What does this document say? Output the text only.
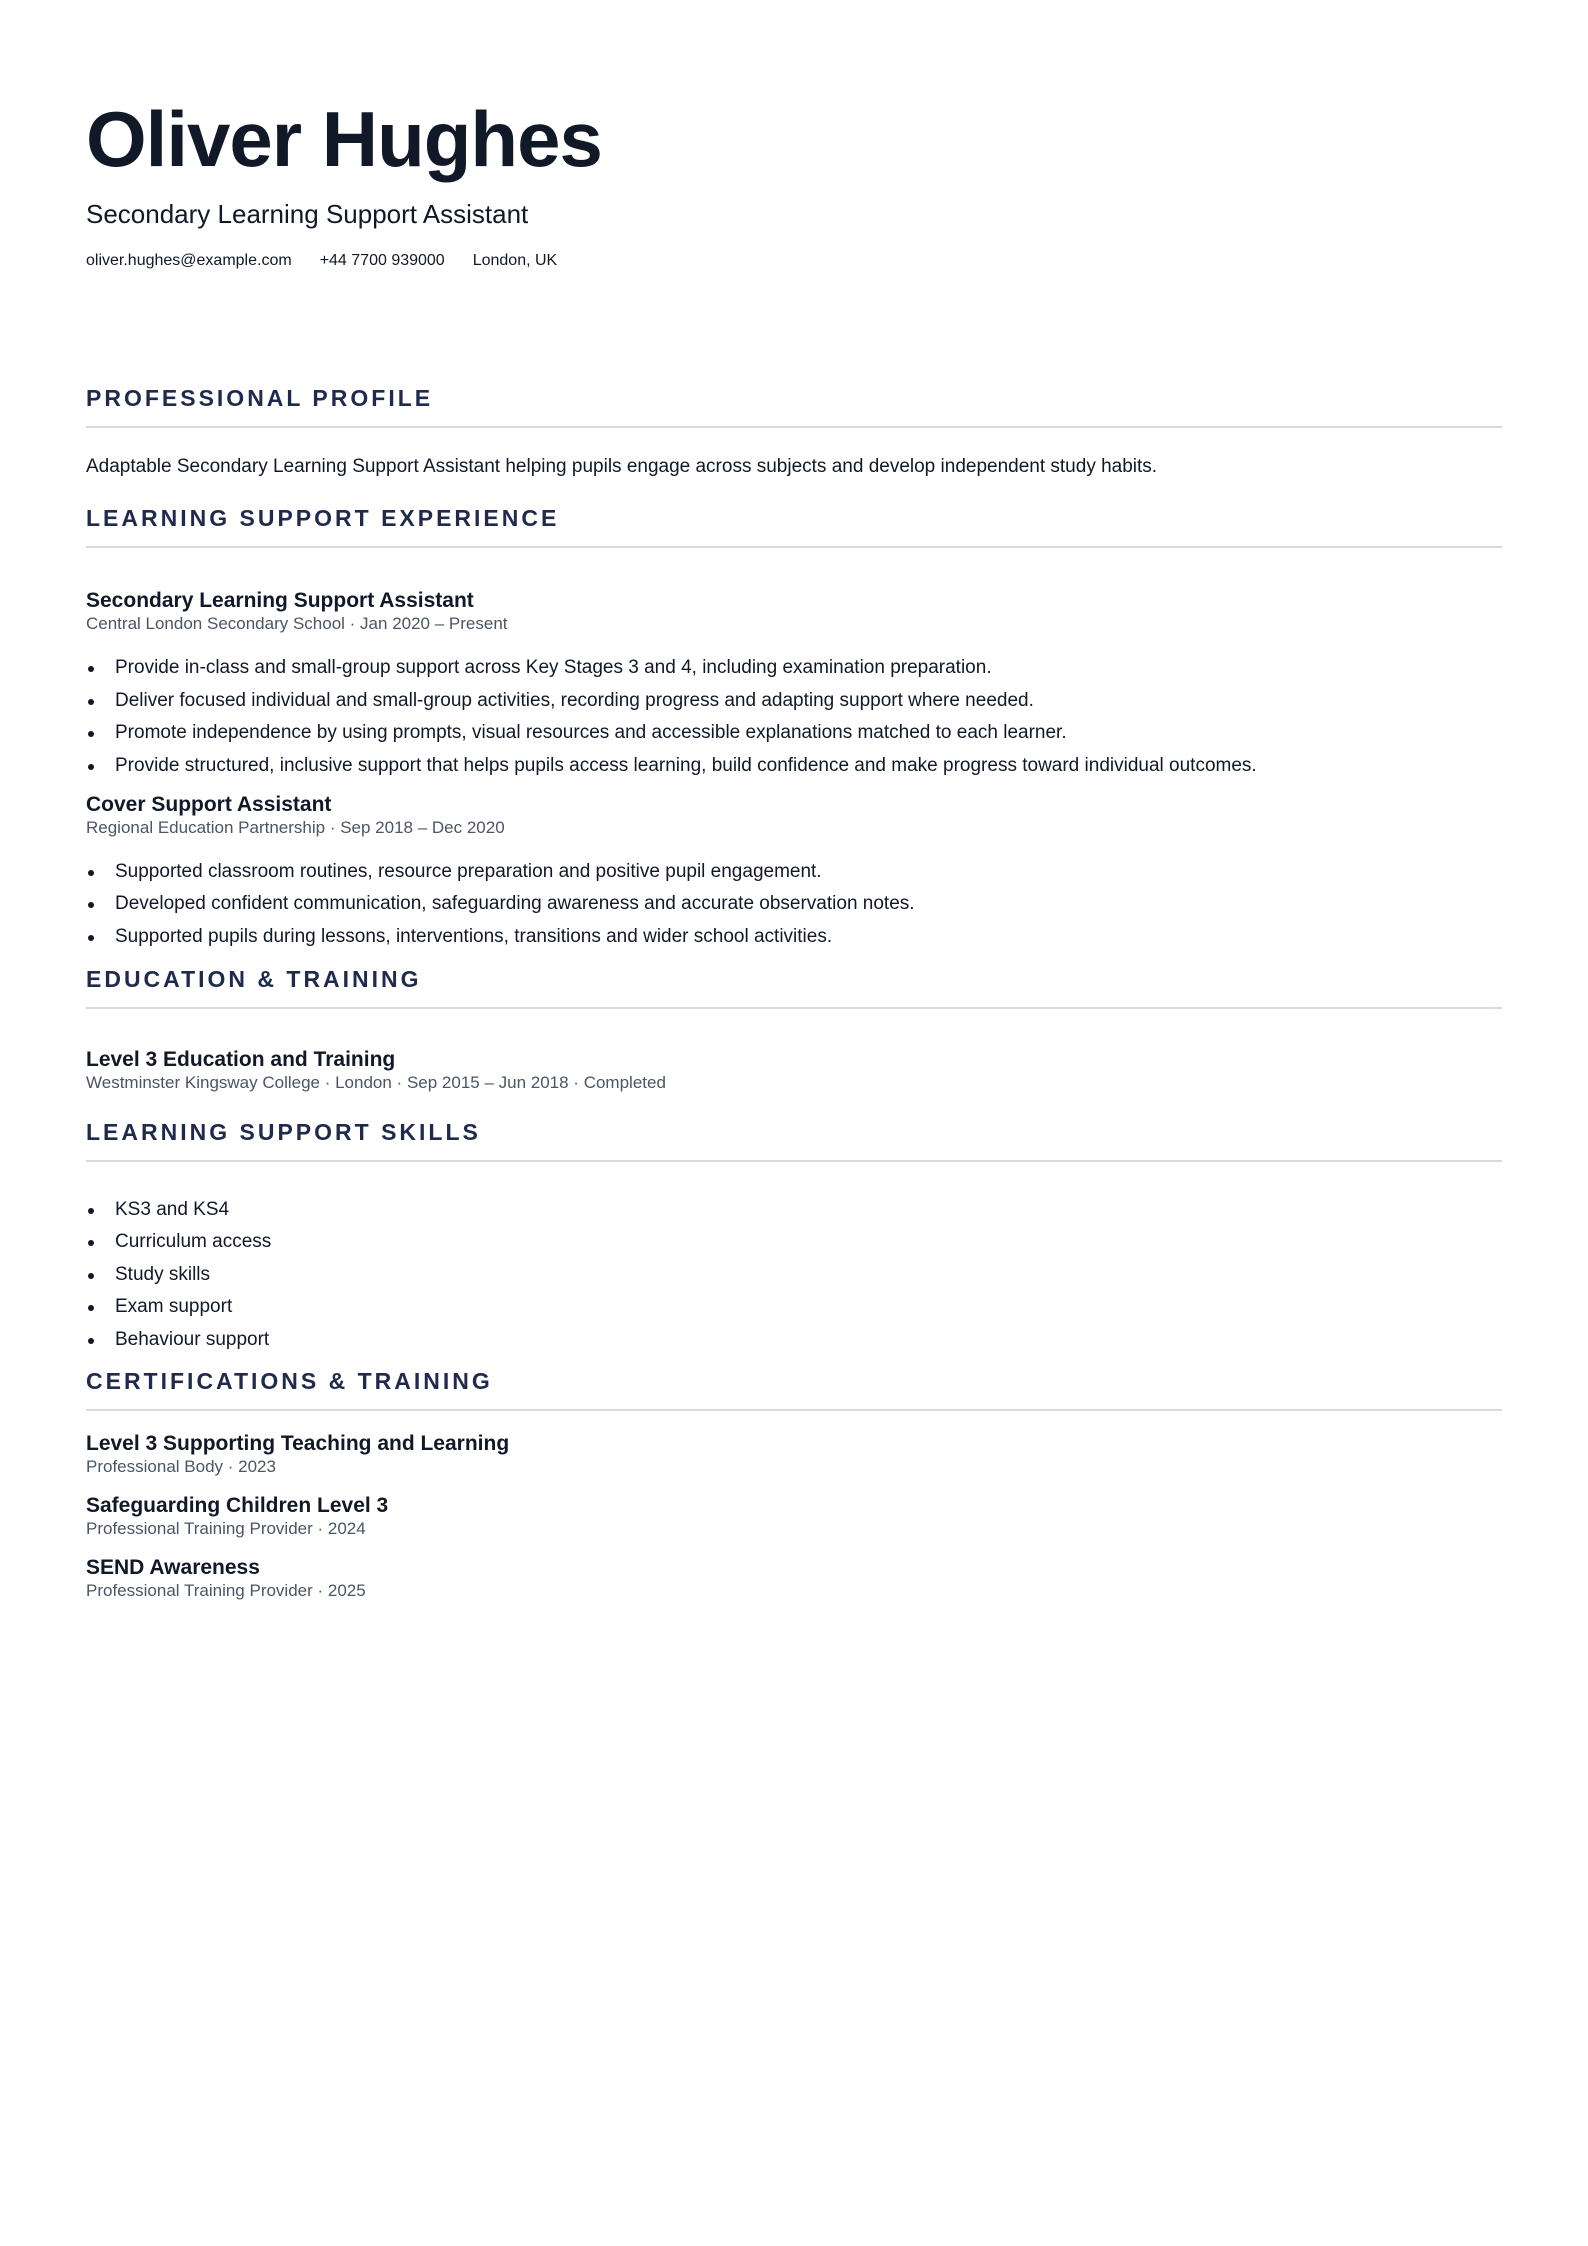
Oliver Hughes
Secondary Learning Support Assistant
oliver.hughes@example.com +44 7700 939000 London, UK
PROFESSIONAL PROFILE
Adaptable Secondary Learning Support Assistant helping pupils engage across subjects and develop independent study habits.
LEARNING SUPPORT EXPERIENCE
Secondary Learning Support Assistant
Central London Secondary School · Jan 2020 – Present
Provide in-class and small-group support across Key Stages 3 and 4, including examination preparation.
Deliver focused individual and small-group activities, recording progress and adapting support where needed.
Promote independence by using prompts, visual resources and accessible explanations matched to each learner.
Provide structured, inclusive support that helps pupils access learning, build confidence and make progress toward individual outcomes.
Cover Support Assistant
Regional Education Partnership · Sep 2018 – Dec 2020
Supported classroom routines, resource preparation and positive pupil engagement.
Developed confident communication, safeguarding awareness and accurate observation notes.
Supported pupils during lessons, interventions, transitions and wider school activities.
EDUCATION & TRAINING
Level 3 Education and Training
Westminster Kingsway College · London · Sep 2015 – Jun 2018 · Completed
LEARNING SUPPORT SKILLS
KS3 and KS4
Curriculum access
Study skills
Exam support
Behaviour support
CERTIFICATIONS & TRAINING
Level 3 Supporting Teaching and Learning
Professional Body · 2023
Safeguarding Children Level 3
Professional Training Provider · 2024
SEND Awareness
Professional Training Provider · 2025
